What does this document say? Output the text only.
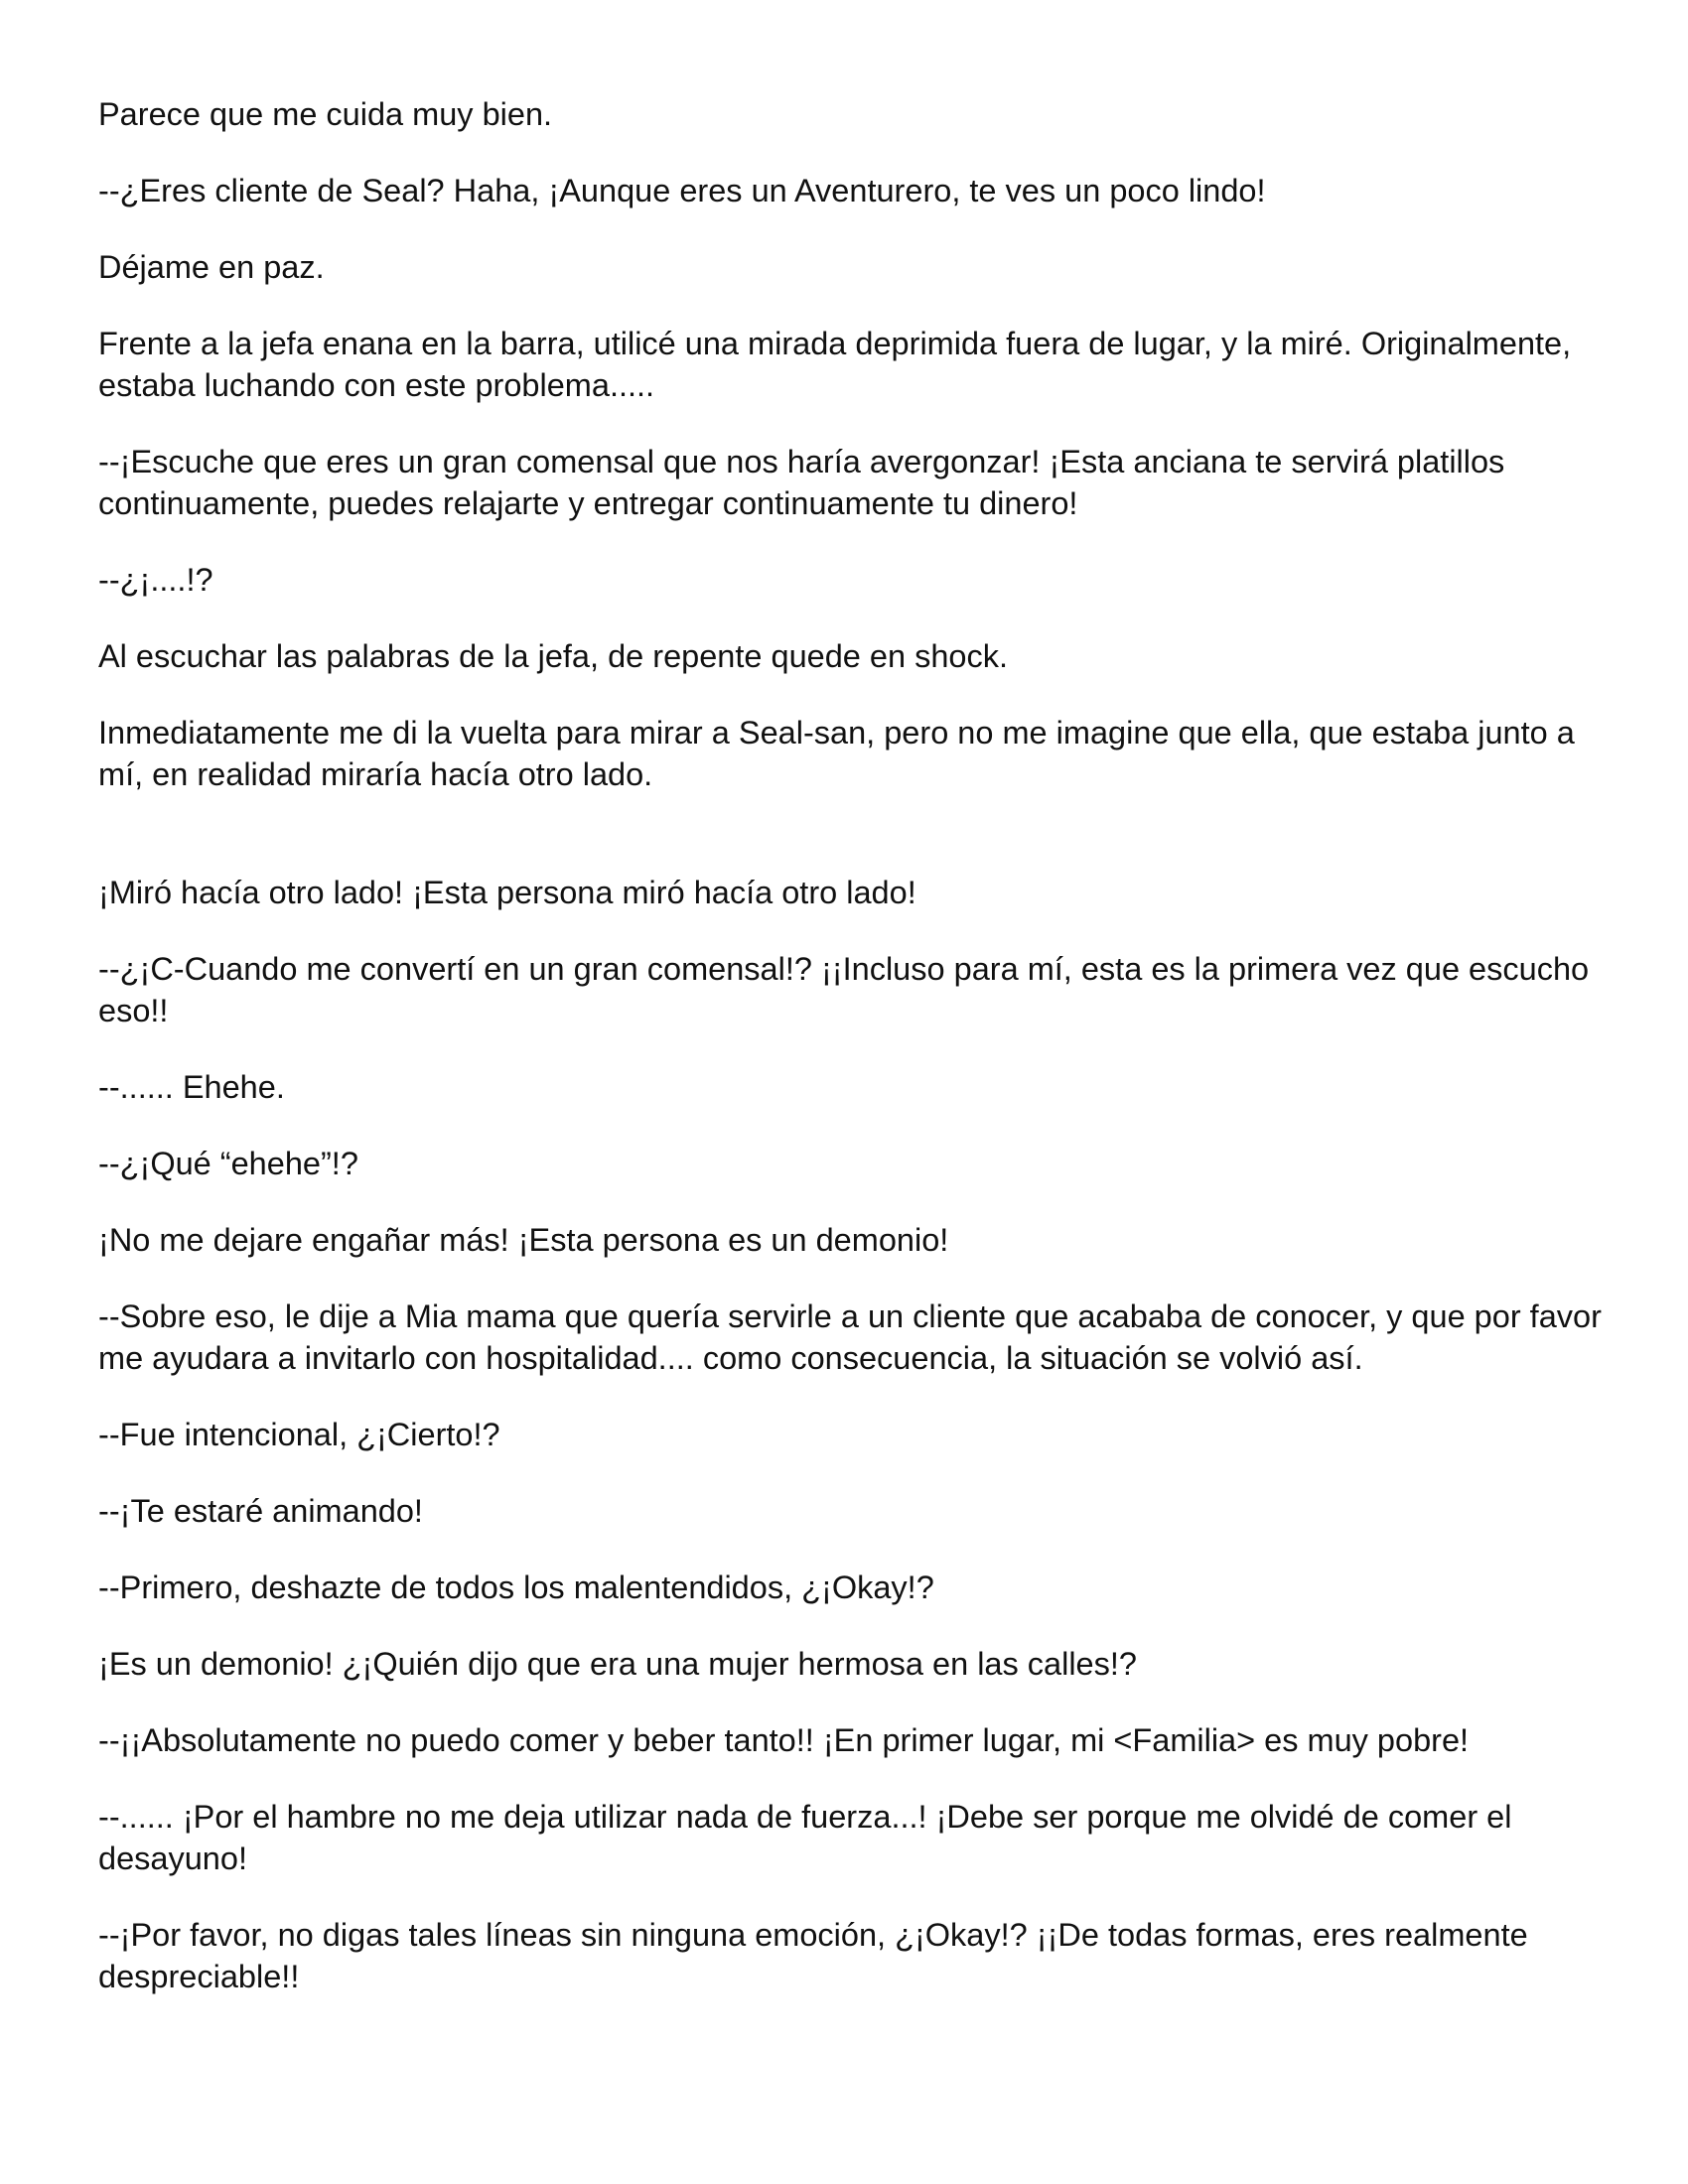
Parece que me cuida muy bien.

--¿Eres cliente de Seal? Haha, ¡Aunque eres un Aventurero, te ves un poco lindo!

Déjame en paz.

Frente a la jefa enana en la barra, utilicé una mirada deprimida fuera de lugar, y la miré. Originalmente, estaba luchando con este problema.....

--¡Escuche que eres un gran comensal que nos haría avergonzar! ¡Esta anciana te servirá platillos continuamente, puedes relajarte y entregar continuamente tu dinero!

--¿¡....!?

Al escuchar las palabras de la jefa, de repente quede en shock.

Inmediatamente me di la vuelta para mirar a Seal-san, pero no me imagine que ella, que estaba junto a mí, en realidad miraría hacía otro lado.

¡Miró hacía otro lado! ¡Esta persona miró hacía otro lado!

--¿¡C-Cuando me convertí en un gran comensal!? ¡¡Incluso para mí, esta es la primera vez que escucho eso!!

--...... Ehehe.

--¿¡Qué “ehehe”!?

¡No me dejare engañar más! ¡Esta persona es un demonio!

--Sobre eso, le dije a Mia mama que quería servirle a un cliente que acababa de conocer, y que por favor me ayudara a invitarlo con hospitalidad.... como consecuencia, la situación se volvió así.

--Fue intencional, ¿¡Cierto!?

--¡Te estaré animando!

--Primero, deshazte de todos los malentendidos, ¿¡Okay!?

¡Es un demonio! ¿¡Quién dijo que era una mujer hermosa en las calles!?

--¡¡Absolutamente no puedo comer y beber tanto!! ¡En primer lugar, mi <Familia> es muy pobre!

--...... ¡Por el hambre no me deja utilizar nada de fuerza...! ¡Debe ser porque me olvidé de comer el desayuno!

--¡Por favor, no digas tales líneas sin ninguna emoción, ¿¡Okay!? ¡¡De todas formas, eres realmente despreciable!!
